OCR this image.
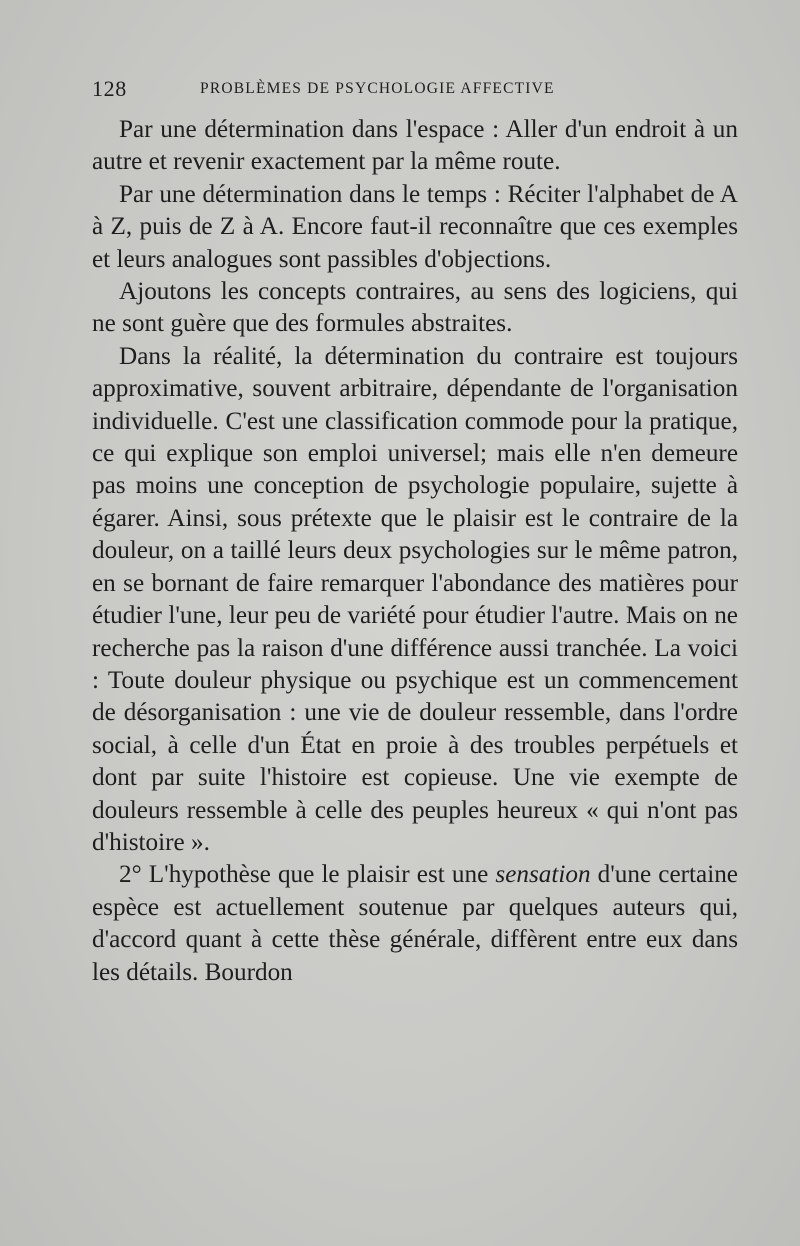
128	PROBLÈMES DE PSYCHOLOGIE AFFECTIVE

Par une détermination dans l'espace : Aller d'un endroit à un autre et revenir exactement par la même route.

Par une détermination dans le temps : Réciter l'alphabet de A à Z, puis de Z à A. Encore faut-il reconnaître que ces exemples et leurs analogues sont passibles d'objections.

Ajoutons les concepts contraires, au sens des logiciens, qui ne sont guère que des formules abstraites.

Dans la réalité, la détermination du contraire est toujours approximative, souvent arbitraire, dépendante de l'organisation individuelle. C'est une classification commode pour la pratique, ce qui explique son emploi universel; mais elle n'en demeure pas moins une conception de psychologie populaire, sujette à égarer. Ainsi, sous prétexte que le plaisir est le contraire de la douleur, on a taillé leurs deux psychologies sur le même patron, en se bornant de faire remarquer l'abondance des matières pour étudier l'une, leur peu de variété pour étudier l'autre. Mais on ne recherche pas la raison d'une différence aussi tranchée. La voici : Toute douleur physique ou psychique est un commencement de désorganisation : une vie de douleur ressemble, dans l'ordre social, à celle d'un État en proie à des troubles perpétuels et dont par suite l'histoire est copieuse. Une vie exempte de douleurs ressemble à celle des peuples heureux « qui n'ont pas d'histoire ».

2° L'hypothèse que le plaisir est une sensation d'une certaine espèce est actuellement soutenue par quelques auteurs qui, d'accord quant à cette thèse générale, diffèrent entre eux dans les détails. Bourdon
